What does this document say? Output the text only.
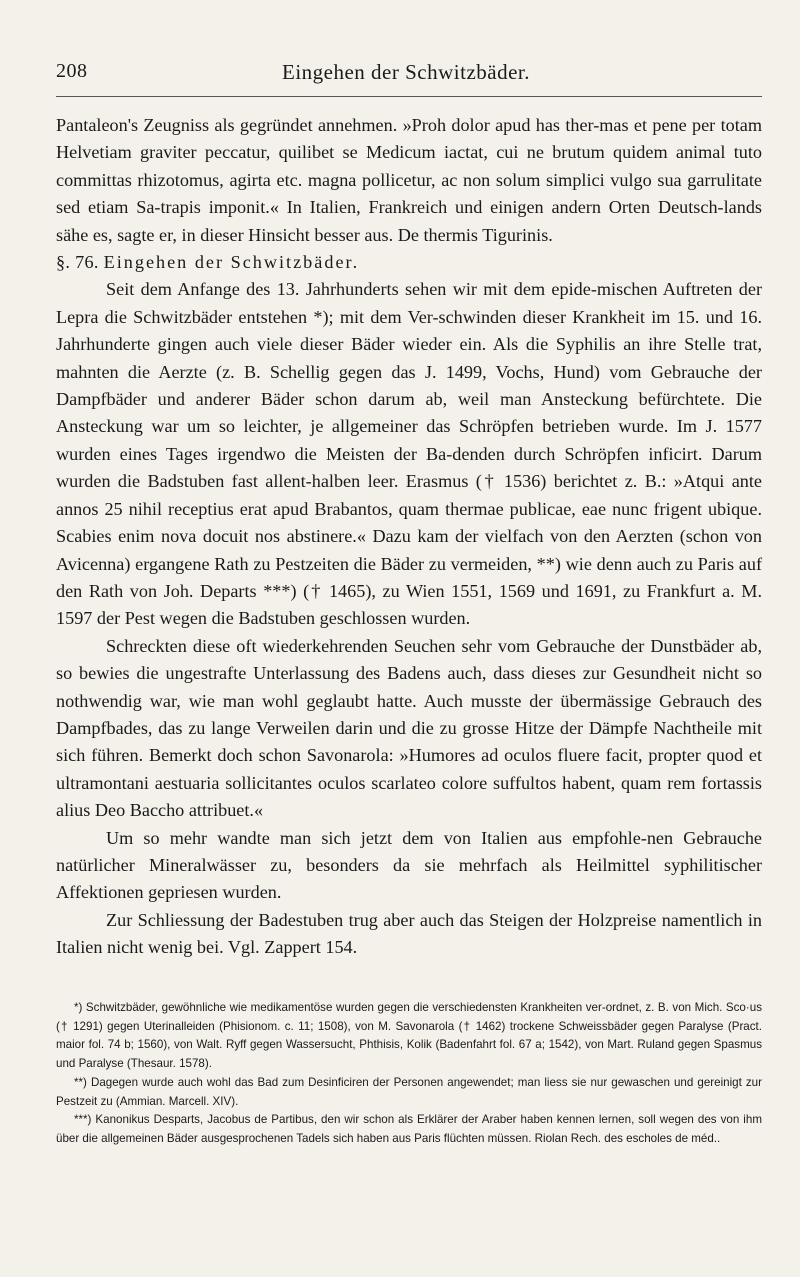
208	Eingehen der Schwitzbäder.

Pantaleon's Zeugniss als gegründet annehmen. »Proh dolor apud has ther-mas et pene per totam Helvetiam graviter peccatur, quilibet se Medicum iactat, cui ne brutum quidem animal tuto committas rhizotomus, agirta etc. magna pollicetur, ac non solum simplici vulgo sua garrulitate sed etiam Sa-trapis imponit.« In Italien, Frankreich und einigen andern Orten Deutsch-lands sähe es, sagte er, in dieser Hinsicht besser aus. De thermis Tigurinis.

§. 76. Eingehen der Schwitzbäder.

Seit dem Anfange des 13. Jahrhunderts sehen wir mit dem epide-mischen Auftreten der Lepra die Schwitzbäder entstehen *); mit dem Ver-schwinden dieser Krankheit im 15. und 16. Jahrhunderte gingen auch viele dieser Bäder wieder ein. Als die Syphilis an ihre Stelle trat, mahnten die Aerzte (z. B. Schellig gegen das J. 1499, Vochs, Hund) vom Gebrauche der Dampfbäder und anderer Bäder schon darum ab, weil man Ansteckung befürchtete. Die Ansteckung war um so leichter, je allgemeiner das Schröpfen betrieben wurde. Im J. 1577 wurden eines Tages irgendwo die Meisten der Ba-denden durch Schröpfen inficirt. Darum wurden die Badstuben fast allent-halben leer. Erasmus († 1536) berichtet z. B.: »Atqui ante annos 25 nihil receptius erat apud Brabantos, quam thermae publicae, eae nunc frigent ubique. Scabies enim nova docuit nos abstinere.« Dazu kam der vielfach von den Aerzten (schon von Avicenna) ergangene Rath zu Pestzeiten die Bäder zu vermeiden, **) wie denn auch zu Paris auf den Rath von Joh. Departs ***) († 1465), zu Wien 1551, 1569 und 1691, zu Frankfurt a. M. 1597 der Pest wegen die Badstuben geschlossen wurden.

Schreckten diese oft wiederkehrenden Seuchen sehr vom Gebrauche der Dunstbäder ab, so bewies die ungestrafte Unterlassung des Badens auch, dass dieses zur Gesundheit nicht so nothwendig war, wie man wohl geglaubt hatte. Auch musste der übermässige Gebrauch des Dampfbades, das zu lange Verweilen darin und die zu grosse Hitze der Dämpfe Nachtheile mit sich führen. Bemerkt doch schon Savonarola: »Humores ad oculos fluere facit, propter quod et ultramontani aestuaria sollicitantes oculos scarlateo colore suffultos habent, quam rem fortassis alius Deo Baccho attribuet.«

Um so mehr wandte man sich jetzt dem von Italien aus empfohle-nen Gebrauche natürlicher Mineralwässer zu, besonders da sie mehrfach als Heilmittel syphilitischer Affektionen gepriesen wurden.

Zur Schliessung der Badestuben trug aber auch das Steigen der Holzpreise namentlich in Italien nicht wenig bei. Vgl. Zappert 154.

*) Schwitzbäder, gewöhnliche wie medikamentöse wurden gegen die verschiedensten Krankheiten ver-ordnet, z. B. von Mich. Sco·us († 1291) gegen Uterinalleiden (Phisionom. c. 11; 1508), von M. Savonarola († 1462) trockene Schweissbäder gegen Paralyse (Pract. maior fol. 74 b; 1560), von Walt. Ryff gegen Wassersucht, Phthisis, Kolik (Badenfahrt fol. 67 a; 1542), von Mart. Ruland gegen Spasmus und Paralyse (Thesaur. 1578).

**) Dagegen wurde auch wohl das Bad zum Desinficiren der Personen angewendet; man liess sie nur gewaschen und gereinigt zur Pestzeit zu (Ammian. Marcell. XIV).

***) Kanonikus Desparts, Jacobus de Partibus, den wir schon als Erklärer der Araber haben kennen lernen, soll wegen des von ihm über die allgemeinen Bäder ausgesprochenen Tadels sich haben aus Paris flüchten müssen. Riolan Rech. des escholes de méd..
